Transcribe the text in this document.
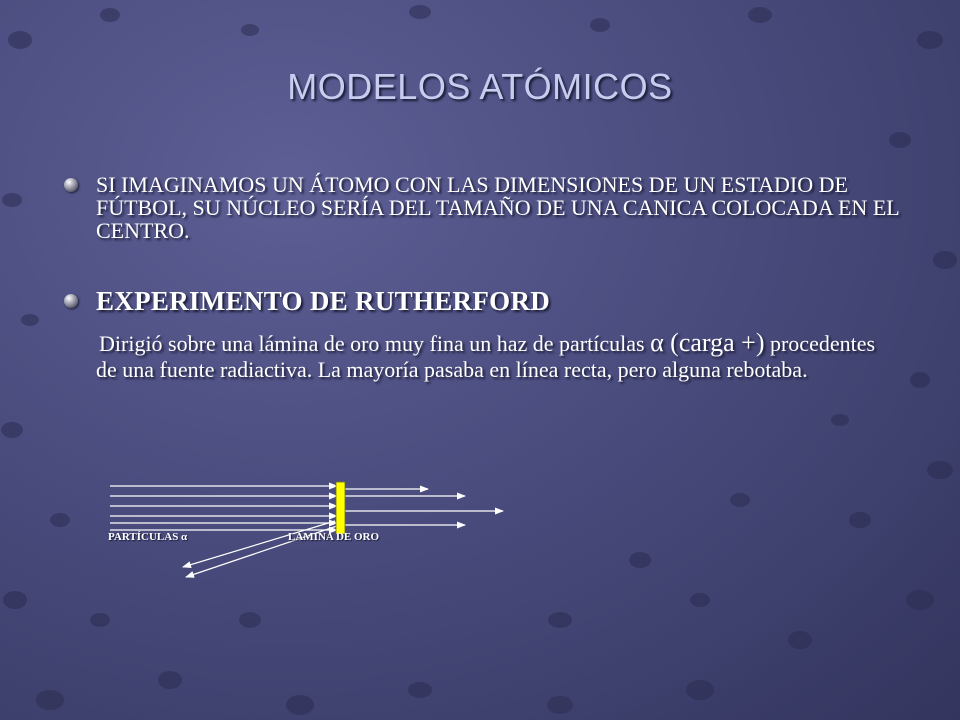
MODELOS ATÓMICOS
SI IMAGINAMOS UN ÁTOMO CON LAS DIMENSIONES DE UN ESTADIO DE FÚTBOL, SU NÚCLEO SERÍA DEL TAMAÑO DE UNA CANICA COLOCADA EN EL CENTRO.
EXPERIMENTO DE RUTHERFORD
Dirigió sobre una lámina de oro muy fina un haz de partículas α (carga +) procedentes de una fuente radiactiva. La mayoría pasaba en línea recta, pero alguna rebotaba.
PARTÍCULAS α	LÁMINA DE ORO
